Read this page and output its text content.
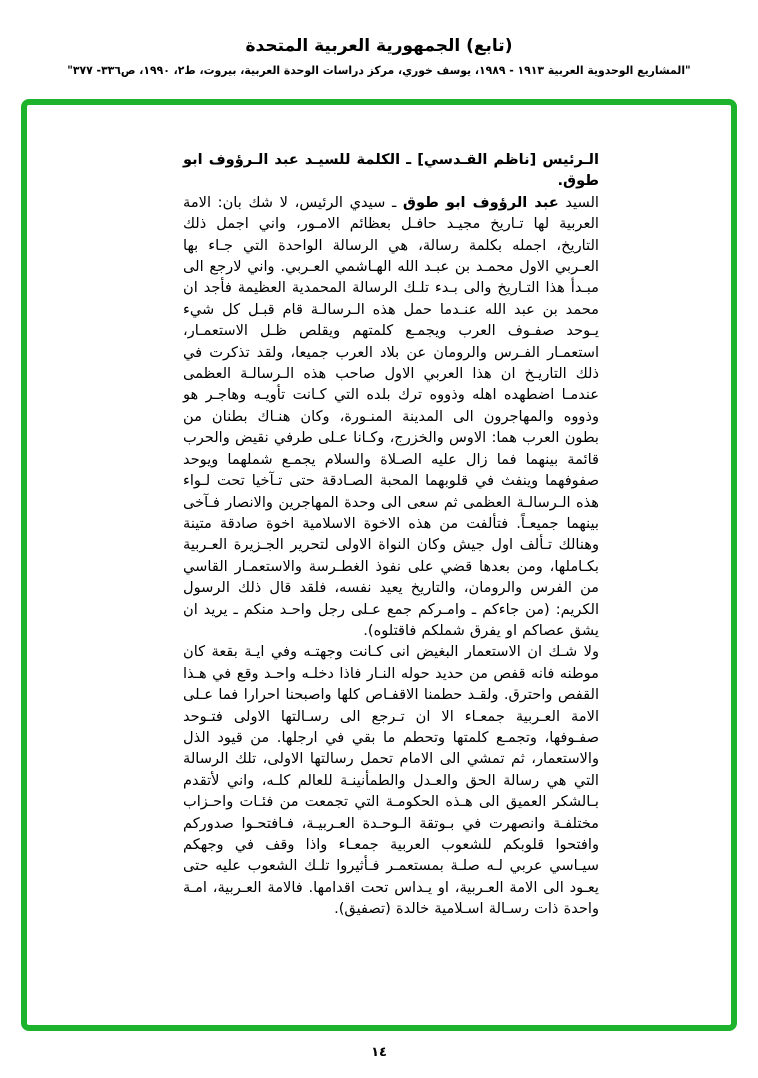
(تابع) الجمهورية العربية المتحدة
"المشاريع الوحدوية العربية ١٩١٣ - ١٩٨٩، يوسف خوري، مركز دراسات الوحدة العربية، بيروت، ط٢، ١٩٩٠، ص٣٣٦- ٣٧٧"

الـرئيس [ناظم القـدسي] ـ الكلمة للسيـد عبد الـرؤوف ابو طوق.

السيد عبد الرؤوف ابو طوق ـ سيدي الرئيس، لا شك بان: الامة العربية لها تـاريخ مجيـد حافـل بعظائم الامـور، واني اجمل ذلك التاريخ، اجمله بكلمة رسالة، هي الرسالة الواحدة التي جـاء بها العـربي الاول محمـد بن عبـد الله الهـاشمي العـربي. واني لارجع الى مبـدأ هذا التـاريخ والى بـدء تلـك الرسالة المحمدية العظيمة فأجد ان محمد بن عبد الله عنـدما حمل هذه الـرسالـة قام قبـل كل شيء يـوحد صفـوف العرب ويجمـع كلمتهم ويقلص ظـل الاستعمـار، استعمـار الفـرس والرومان عن بلاد العرب جميعا، ولقد تذكرت في ذلك التاريـخ ان هذا العربي الاول صاحب هذه الـرسالـة العظمى عندمـا اضطهده اهله وذووه ترك بلده التي كـانت تأويـه وهاجـر هو وذووه والمهاجرون الى المدينة المنـورة، وكان هنـاك بطنان من بطون العرب هما: الاوس والخزرج، وكـانا عـلى طرفي نقيض والحرب قائمة بينهما فما زال عليه الصـلاة والسلام يجمـع شملهما ويوحد صفوفهما وينفث في قلوبهما المحبة الصـادقة حتى تـآخيا تحت لـواء هذه الـرسالـة العظمى ثم سعى الى وحدة المهاجرين والانصار فـآخى بينهما جميعـاً. فتألفت من هذه الاخوة الاسلامية اخوة صادقة متينة وهنالك تـألف اول جيش وكان النواة الاولى لتحرير الجـزيرة العـربية بكـاملها، ومن بعدها قضي على نفوذ الغطـرسة والاستعمـار القاسي من الفرس والرومان، والتاريخ يعيد نفسه، فلقد قال ذلك الرسول الكريم: (من جاءكم ـ وامـركم جمع عـلى رجل واحـد منكم ـ يريد ان يشق عصاكم او يفرق شملكم فاقتلوه).

ولا شـك ان الاستعمار البغيض انى كـانت وجهتـه وفي ايـة بقعة كان موطنه فانه قفص من حديد حوله النـار فاذا دخلـه واحـد وقع في هـذا القفص واحترق. ولقـد حطمنا الاقفـاص كلها واصبحنا احرارا فما عـلى الامة العـربية جمعـاء الا ان تـرجع الى رسـالتها الاولى فتـوحد صفـوفها، وتجمـع كلمتها وتحطم ما بقي في ارجلها. من قيود الذل والاستعمار، ثم تمشي الى الامام تحمل رسالتها الاولى، تلك الرسالة التي هي رسالة الحق والعـدل والطمأنينـة للعالم كلـه، واني لأتقدم بـالشكر العميق الى هـذه الحكومـة التي تجمعت من فئـات واحـزاب مختلفـة وانصهرت في بـوتقة الـوحـدة العـربيـة، فـافتحـوا صدوركم وافتحوا قلوبكم للشعوب العربية جمعـاء واذا وقف في وجهكم سيـاسي عربي لـه صلـة بمستعمـر فـأثيروا تلـك الشعوب عليه حتى يعـود الى الامة العـربية، او يـداس تحت اقدامها. فالامة العـربية، امـة واحدة ذات رسـالة اسـلامية خالدة (تصفيق).

١٤
